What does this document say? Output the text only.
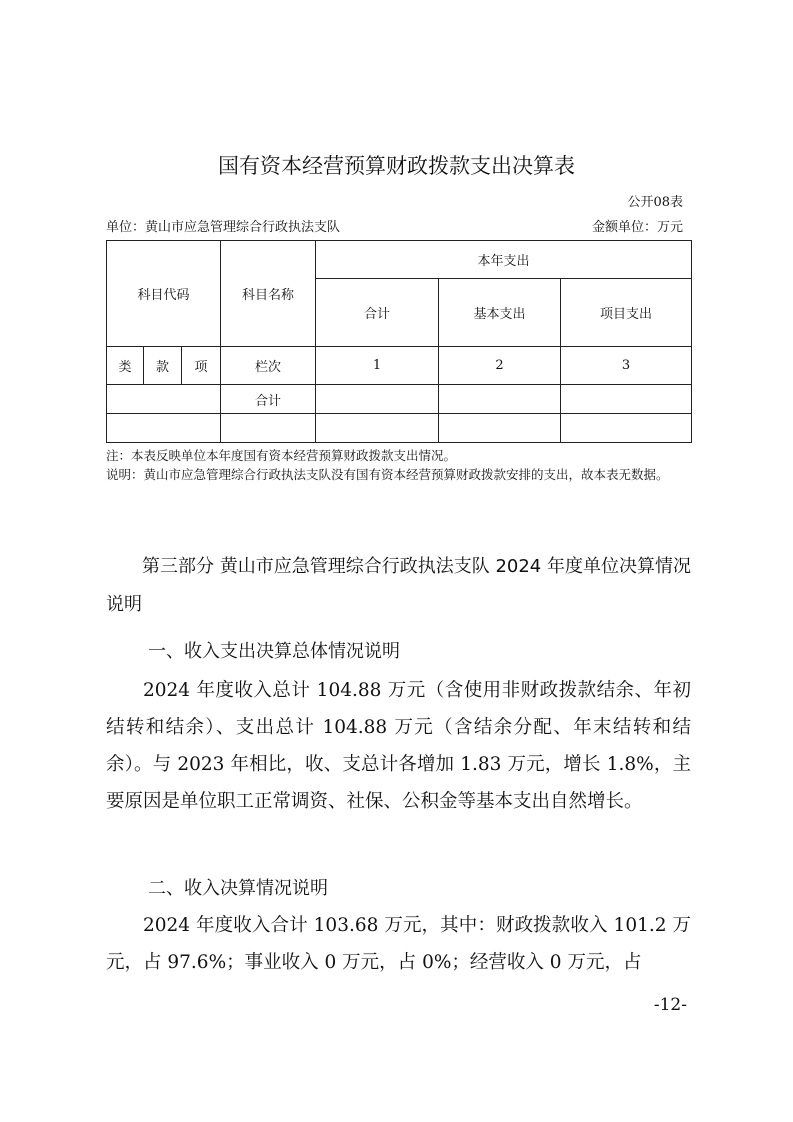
国有资本经营预算财政拨款支出决算表
公开08表
单位：黄山市应急管理综合行政执法支队	金额单位：万元
科目代码			科目名称	本年支出		
				合计	基本支出	项目支出
类	款	项	栏次	1	2	3
			合计			

注：本表反映单位本年度国有资本经营预算财政拨款支出情况。
说明：黄山市应急管理综合行政执法支队没有国有资本经营预算财政拨款安排的支出，故本表无数据。
第三部分 黄山市应急管理综合行政执法支队 2024 年度单位决算情况说明
一、收入支出决算总体情况说明
2024 年度收入总计 104.88 万元（含使用非财政拨款结余、年初结转和结余）、支出总计 104.88 万元（含结余分配、年末结转和结余）。与 2023 年相比，收、支总计各增加 1.83 万元，增长 1.8%，主要原因是单位职工正常调资、社保、公积金等基本支出自然增长。
二、收入决算情况说明
2024 年度收入合计 103.68 万元，其中：财政拨款收入 101.2 万元，占 97.6%；事业收入 0 万元，占 0%；经营收入 0 万元，占
-12-
